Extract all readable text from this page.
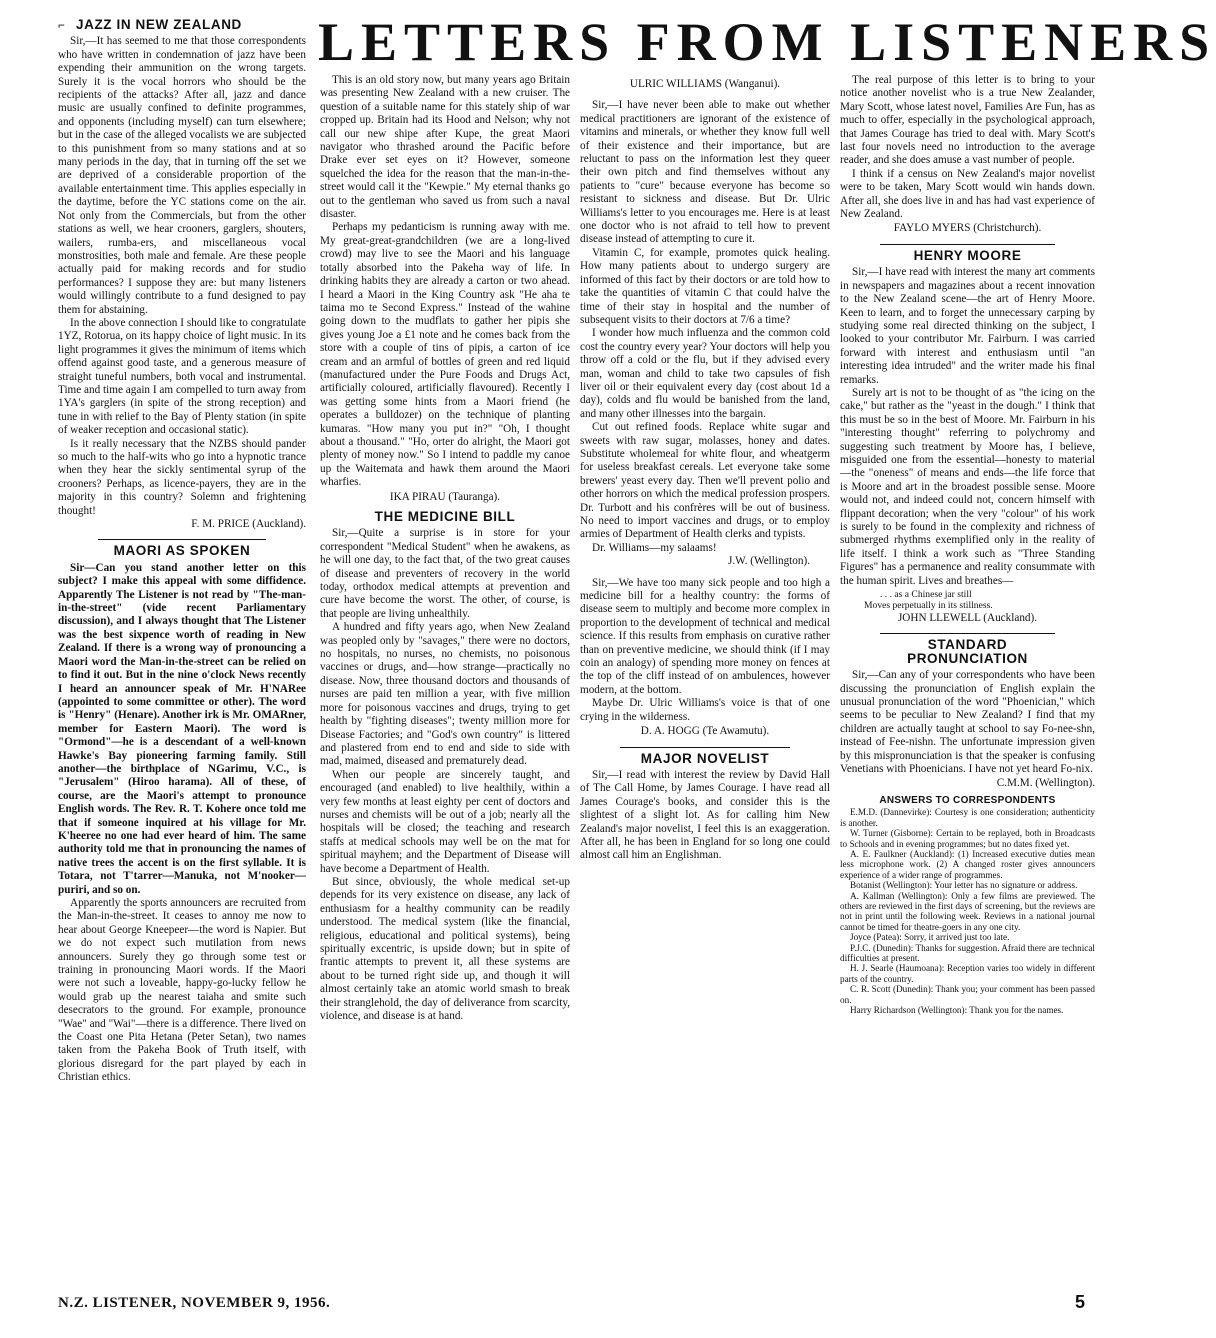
⌐	LETTERS FROM LISTENERS
JAZZ IN NEW ZEALAND

Sir,—It has seemed to me that those correspondents who have written in condemnation of jazz have been expending their ammunition on the wrong targets. Surely it is the vocal horrors who should be the recipients of the attacks? After all, jazz and dance music are usually confined to definite programmes, and opponents (including myself) can turn elsewhere; but in the case of the alleged vocalists we are subjected to this punishment from so many stations and at so many periods in the day, that in turning off the set we are deprived of a considerable proportion of the available entertainment time. This applies especially in the daytime, before the YC stations come on the air. Not only from the Commercials, but from the other stations as well, we hear crooners, garglers, shouters, wailers, rumba-ers, and miscellaneous vocal monstrosities, both male and female. Are these people actually paid for making records and for studio performances? I suppose they are: but many listeners would willingly contribute to a fund designed to pay them for abstaining.

In the above connection I should like to congratulate 1YZ, Rotorua, on its happy choice of light music. In its light programmes it gives the minimum of items which offend against good taste, and a generous measure of straight tuneful numbers, both vocal and instrumental. Time and time again I am compelled to turn away from 1YA's garglers (in spite of the strong reception) and tune in with relief to the Bay of Plenty station (in spite of weaker reception and occasional static).

Is it really necessary that the NZBS should pander so much to the half-wits who go into a hypnotic trance when they hear the sickly sentimental syrup of the crooners? Perhaps, as licence-payers, they are in the majority in this country? Solemn and frightening thought!

F. M. PRICE (Auckland).
MAORI AS SPOKEN

Sir—Can you stand another letter on this subject? I make this appeal with some diffidence. Apparently The Listener is not read by "The-man-in-the-street" (vide recent Parliamentary discussion), and I always thought that The Listener was the best sixpence worth of reading in New Zealand. If there is a wrong way of pronouncing a Maori word the Man-in-the-street can be relied on to find it out. But in the nine o'clock News recently I heard an announcer speak of Mr. H'NARee (appointed to some committee or other). The word is "Henry" (Henare). Another irk is Mr. OMARner, member for Eastern Maori). The word is "Ormond"—he is a descendant of a well-known Hawke's Bay pioneering farming family. Still another—the birthplace of NGarimu, V.C., is "Jerusalem" (Hiroo harama). All of these, of course, are the Maori's attempt to pronounce English words. The Rev. R. T. Kohere once told me that if someone inquired at his village for Mr. K'heeree no one had ever heard of him. The same authority told me that in pronouncing the names of native trees the accent is on the first syllable. It is Totara, not T'tarrer—Manuka, not M'nooker—puriri, and so on.

Apparently the sports announcers are recruited from the Man-in-the-street. It ceases to annoy me now to hear about George Kneepeer—the word is Napier. But we do not expect such mutilation from news announcers. Surely they go through some test or training in pronouncing Maori words. If the Maori were not such a loveable, happy-go-lucky fellow he would grab up the nearest taiaha and smite such desecrators to the ground. For example, pronounce "Wae" and "Wai"—there is a difference. There lived on the Coast one Pita Hetana (Peter Setan), two names taken from the Pakeha Book of Truth itself, with glorious disregard for the part played by each in Christian ethics.

This is an old story now, but many years ago Britain was presenting New Zealand with a new cruiser. The question of a suitable name for this stately ship of war cropped up. Britain had its Hood and Nelson; why not call our new shipe after Kupe, the great Maori navigator who thrashed around the Pacific before Drake ever set eyes on it? However, someone squelched the idea for the reason that the man-in-the-street would call it the "Kewpie." My eternal thanks go out to the gentleman who saved us from such a naval disaster.

Perhaps my pedanticism is running away with me. My great-great-grandchildren (we are a long-lived crowd) may live to see the Maori and his language totally absorbed into the Pakeha way of life. In drinking habits they are already a carton or two ahead. I heard a Maori in the King Country ask "He aha te taima mo te Second Express." Instead of the wahine going down to the mudflats to gather her pipis she gives young Joe a £1 note and he comes back from the store with a couple of tins of pipis, a carton of ice cream and an armful of bottles of green and red liquid (manufactured under the Pure Foods and Drugs Act, artificially coloured, artificially flavoured). Recently I was getting some hints from a Maori friend (he operates a bulldozer) on the technique of planting kumaras. "How many you put in?" "Oh, I thought about a thousand." "Ho, orter do alright, the Maori got plenty of money now." So I intend to paddle my canoe up the Waitemata and hawk them around the Maori wharfies.

IKA PIRAU (Tauranga).
THE MEDICINE BILL

Sir,—Quite a surprise is in store for your correspondent "Medical Student" when he awakens, as he will one day, to the fact that, of the two great causes of disease and preventers of recovery in the world today, orthodox medical attempts at prevention and cure have become the worst. The other, of course, is that people are living unhealthily.

A hundred and fifty years ago, when New Zealand was peopled only by "savages," there were no doctors, no hospitals, no nurses, no chemists, no poisonous vaccines or drugs, and—how strange—practically no disease. Now, three thousand doctors and thousands of nurses are paid ten million a year, with five million more for poisonous vaccines and drugs, trying to get health by "fighting diseases"; twenty million more for Disease Factories; and "God's own country" is littered and plastered from end to end and side to side with mad, maimed, diseased and prematurely dead.

When our people are sincerely taught, and encouraged (and enabled) to live healthily, within a very few months at least eighty per cent of doctors and nurses and chemists will be out of a job; nearly all the hospitals will be closed; the teaching and research staffs at medical schools may well be on the mat for spiritual mayhem; and the Department of Disease will have become a Department of Health.

But since, obviously, the whole medical set-up depends for its very existence on disease, any lack of enthusiasm for a healthy community can be readily understood. The medical system (like the financial, religious, educational and political systems), being spiritually excentric, is upside down; but in spite of frantic attempts to prevent it, all these systems are about to be turned right side up, and though it will almost certainly take an atomic world smash to break their stranglehold, the day of deliverance from scarcity, violence, and disease is at hand.

ULRIC WILLIAMS (Wanganui).

Sir,—I have never been able to make out whether medical practitioners are ignorant of the existence of vitamins and minerals, or whether they know full well of their existence and their importance, but are reluctant to pass on the information lest they queer their own pitch and find themselves without any patients to "cure" because everyone has become so resistant to sickness and disease. But Dr. Ulric Williams's letter to you encourages me. Here is at least one doctor who is not afraid to tell how to prevent disease instead of attempting to cure it.

Vitamin C, for example, promotes quick healing. How many patients about to undergo surgery are informed of this fact by their doctors or are told how to take the quantities of vitamin C that could halve the time of their stay in hospital and the number of subsequent visits to their doctors at 7/6 a time?

I wonder how much influenza and the common cold cost the country every year? Your doctors will help you throw off a cold or the flu, but if they advised every man, woman and child to take two capsules of fish liver oil or their equivalent every day (cost about 1d a day), colds and flu would be banished from the land, and many other illnesses into the bargain.

Cut out refined foods. Replace white sugar and sweets with raw sugar, molasses, honey and dates. Substitute wholemeal for white flour, and wheatgerm for useless breakfast cereals. Let everyone take some brewers' yeast every day. Then we'll prevent polio and other horrors on which the medical profession prospers. Dr. Turbott and his confrères will be out of business. No need to import vaccines and drugs, or to employ armies of Department of Health clerks and typists.

Dr. Williams—my salaams!

J.W. (Wellington).

Sir,—We have too many sick people and too high a medicine bill for a healthy country: the forms of disease seem to multiply and become more complex in proportion to the development of technical and medical science. If this results from emphasis on curative rather than on preventive medicine, we should think (if I may coin an analogy) of spending more money on fences at the top of the cliff instead of on ambulences, however modern, at the bottom.

Maybe Dr. Ulric Williams's voice is that of one crying in the wilderness.

D. A. HOGG (Te Awamutu).
MAJOR NOVELIST

Sir,—I read with interest the review by David Hall of The Call Home, by James Courage. I have read all James Courage's books, and consider this is the slightest of a slight lot. As for calling him New Zealand's major novelist, I feel this is an exaggeration. After all, he has been in England for so long one could almost call him an Englishman.

The real purpose of this letter is to bring to your notice another novelist who is a true New Zealander, Mary Scott, whose latest novel, Families Are Fun, has as much to offer, especially in the psychological approach, that James Courage has tried to deal with. Mary Scott's last four novels need no introduction to the average reader, and she does amuse a vast number of people.

I think if a census on New Zealand's major novelist were to be taken, Mary Scott would win hands down. After all, she does live in and has had vast experience of New Zealand.

FAYLO MYERS (Christchurch).
HENRY MOORE

Sir,—I have read with interest the many art comments in newspapers and magazines about a recent innovation to the New Zealand scene—the art of Henry Moore. Keen to learn, and to forget the unnecessary carping by studying some real directed thinking on the subject, I looked to your contributor Mr. Fairburn. I was carried forward with interest and enthusiasm until "an interesting idea intruded" and the writer made his final remarks.

Surely art is not to be thought of as "the icing on the cake," but rather as the "yeast in the dough." I think that this must be so in the best of Moore. Mr. Fairburn in his "interesting thought" referring to polychromy and suggesting such treatment by Moore has, I believe, misguided one from the essential—honesty to material—the "oneness" of means and ends—the life force that is Moore and art in the broadest possible sense. Moore would not, and indeed could not, concern himself with flippant decoration; when the very "colour" of his work is surely to be found in the complexity and richness of submerged rhythms exemplified only in the reality of life itself. I think a work such as "Three Standing Figures" has a permanence and reality consummate with the human spirit. Lives and breathes—

. . . as a Chinese jar still
Moves perpetually in its stillness.
JOHN LLEWELL (Auckland).
STANDARD PRONUNCIATION

Sir,—Can any of your correspondents who have been discussing the pronunciation of English explain the unusual pronunciation of the word "Phoenician," which seems to be peculiar to New Zealand? I find that my children are actually taught at school to say Fo-nee-shn, instead of Fee-nishn. The unfortunate impression given by this mispronunciation is that the speaker is confusing Venetians with Phoenicians. I have not yet heard Fo-nix.

C.M.M. (Wellington).
ANSWERS TO CORRESPONDENTS

E.M.D. (Dannevirke): Courtesy is one consideration; authenticity is another.

W. Turner (Gisborne): Certain to be replayed, both in Broadcasts to Schools and in evening programmes; but no dates fixed yet.

A. E. Faulkner (Auckland): (1) Increased executive duties mean less microphone work. (2) A changed roster gives announcers experience of a wider range of programmes.

Botanist (Wellington): Your letter has no signature or address.

A. Kallman (Wellington): Only a few films are previewed. The others are reviewed in the first days of screening, but the reviews are not in print until the following week. Reviews in a national journal cannot be timed for theatre-goers in any one city.

Joyce (Patea): Sorry, it arrived just too late.

P.J.C. (Dunedin): Thanks for suggestion. Afraid there are technical difficulties at present.

H. J. Searle (Haumoana): Reception varies too widely in different parts of the country.

C. R. Scott (Dunedin): Thank you; your comment has been passed on.

Harry Richardson (Wellington): Thank you for the names.

N.Z. LISTENER, NOVEMBER 9, 1956.	5
